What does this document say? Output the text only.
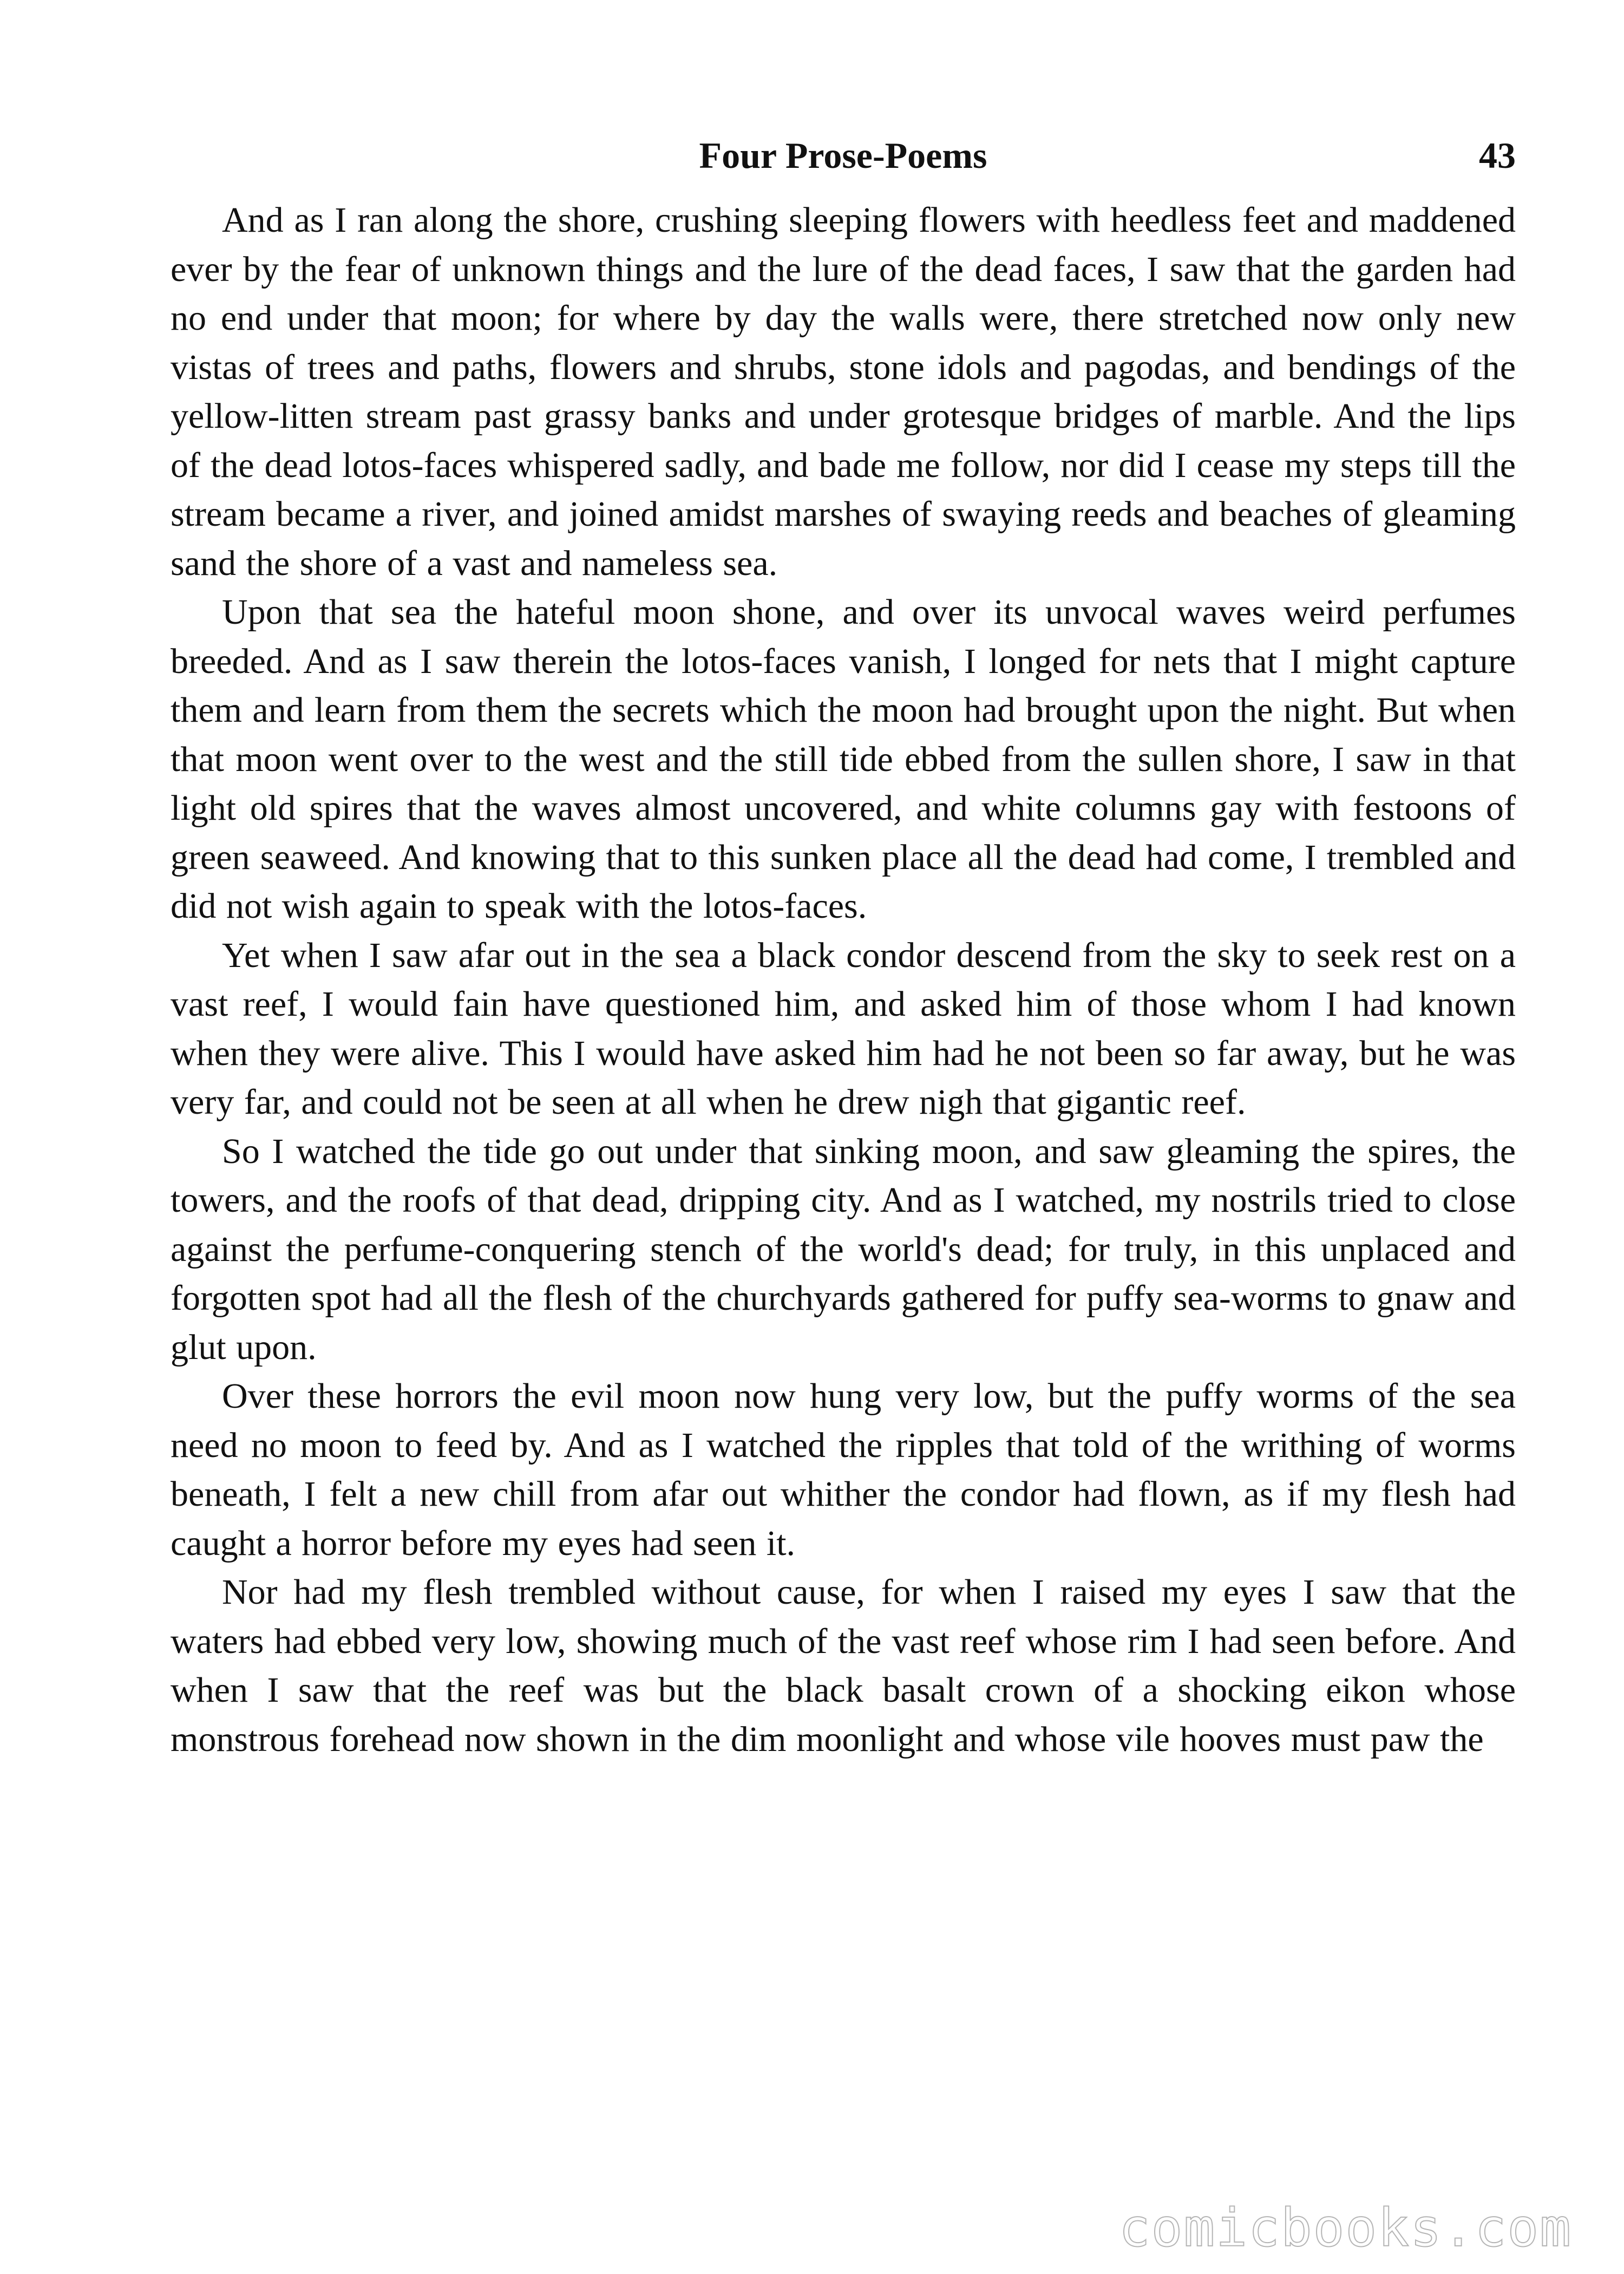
Four Prose-Poems	43

And as I ran along the shore, crushing sleeping flowers with heedless feet and maddened ever by the fear of unknown things and the lure of the dead faces, I saw that the garden had no end under that moon; for where by day the walls were, there stretched now only new vistas of trees and paths, flowers and shrubs, stone idols and pagodas, and bendings of the yellow-litten stream past grassy banks and under grotesque bridges of marble. And the lips of the dead lotos-faces whispered sadly, and bade me follow, nor did I cease my steps till the stream became a river, and joined amidst marshes of swaying reeds and beaches of gleaming sand the shore of a vast and nameless sea.

Upon that sea the hateful moon shone, and over its unvocal waves weird perfumes breeded. And as I saw therein the lotos-faces vanish, I longed for nets that I might capture them and learn from them the secrets which the moon had brought upon the night. But when that moon went over to the west and the still tide ebbed from the sullen shore, I saw in that light old spires that the waves almost uncovered, and white columns gay with festoons of green seaweed. And knowing that to this sunken place all the dead had come, I trembled and did not wish again to speak with the lotos-faces.

Yet when I saw afar out in the sea a black condor descend from the sky to seek rest on a vast reef, I would fain have questioned him, and asked him of those whom I had known when they were alive. This I would have asked him had he not been so far away, but he was very far, and could not be seen at all when he drew nigh that gigantic reef.

So I watched the tide go out under that sinking moon, and saw gleaming the spires, the towers, and the roofs of that dead, dripping city. And as I watched, my nostrils tried to close against the perfume-conquering stench of the world's dead; for truly, in this unplaced and forgotten spot had all the flesh of the churchyards gathered for puffy sea-worms to gnaw and glut upon.

Over these horrors the evil moon now hung very low, but the puffy worms of the sea need no moon to feed by. And as I watched the ripples that told of the writhing of worms beneath, I felt a new chill from afar out whither the condor had flown, as if my flesh had caught a horror before my eyes had seen it.

Nor had my flesh trembled without cause, for when I raised my eyes I saw that the waters had ebbed very low, showing much of the vast reef whose rim I had seen before. And when I saw that the reef was but the black basalt crown of a shocking eikon whose monstrous forehead now shown in the dim moonlight and whose vile hooves must paw the

comicbooks.com
